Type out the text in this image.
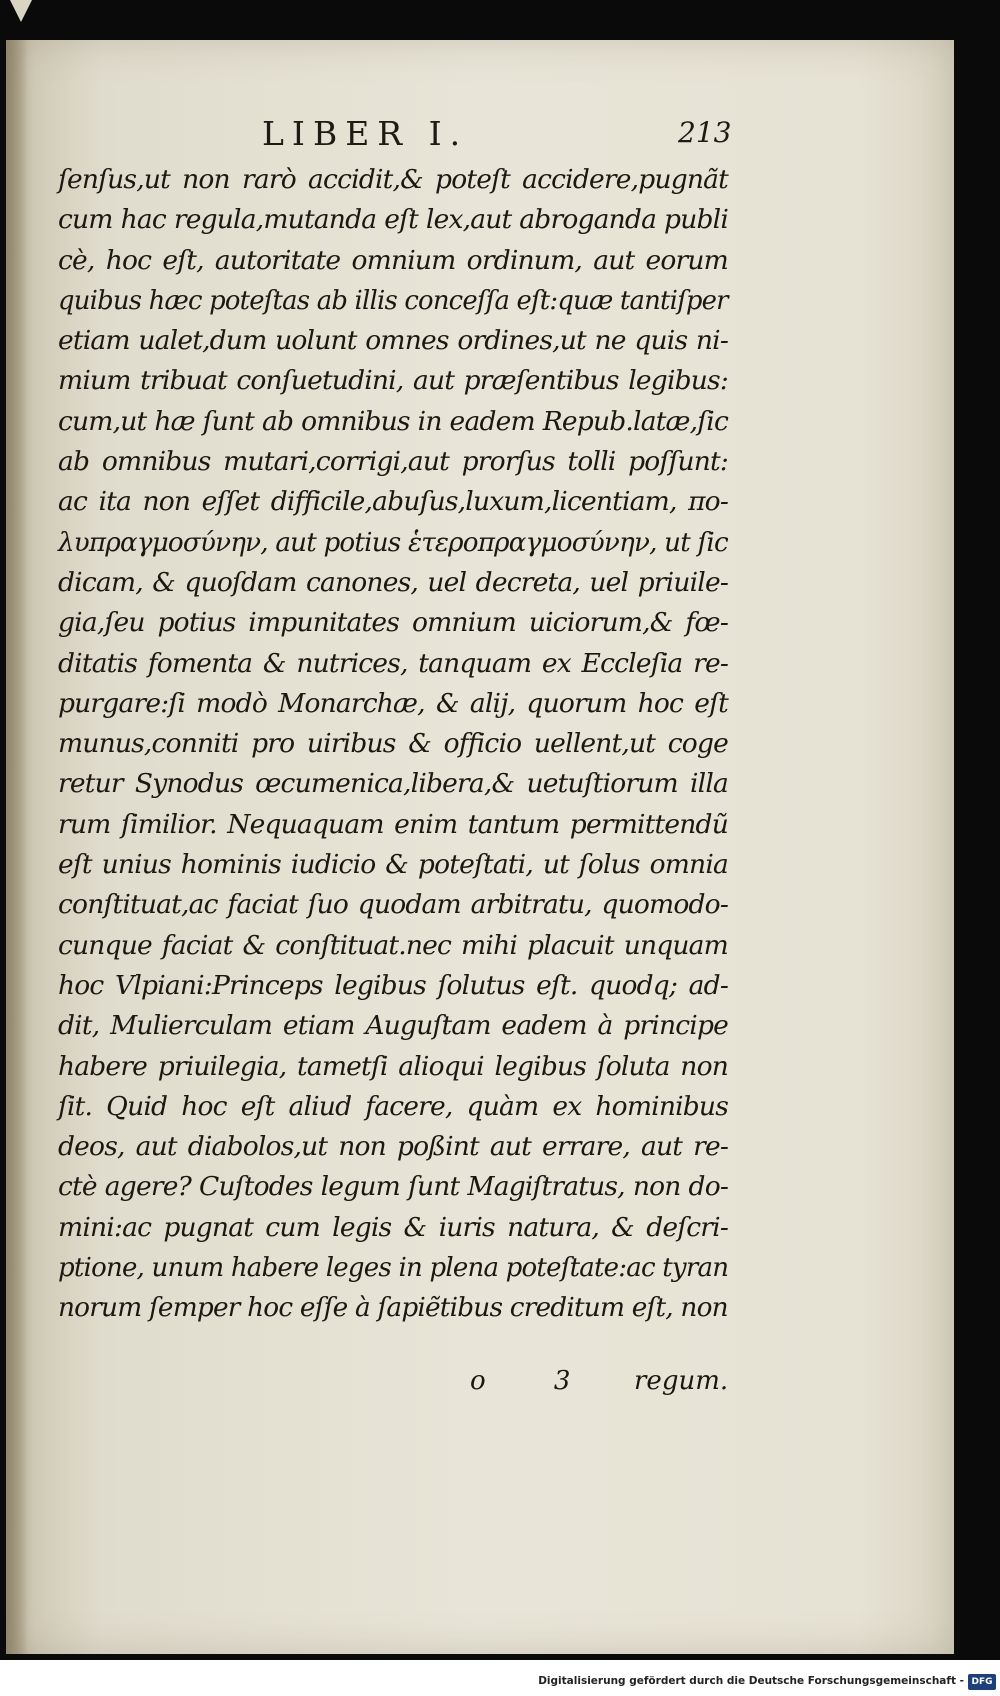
LIBER I.	213
ſenſus,ut non rarò accidit,& poteſt accidere,pugnãt
cum hac regula,mutanda eſt lex,aut abroganda publi
cè, hoc eſt, autoritate omnium ordinum, aut eorum
quibus hæc poteſtas ab illis conceſſa eſt:quæ tantiſper
etiam ualet,dum uolunt omnes ordines,ut ne quis ni-
mium tribuat conſuetudini, aut præſentibus legibus:
cum,ut hæ ſunt ab omnibus in eadem Repub.latæ,ſic
ab omnibus mutari,corrigi,aut prorſus tolli poſſunt:
ac ita non eſſet difficile,abuſus,luxum,licentiam, πο-
λυπραγμοσύνην, aut potius ἑτεροπραγμοσύνην, ut ſic
dicam, & quoſdam canones, uel decreta, uel priuile-
gia,ſeu potius impunitates omnium uiciorum,& fœ-
ditatis fomenta & nutrices, tanquam ex Eccleſia re-
purgare:ſi modò Monarchæ, & alij, quorum hoc eſt
munus,conniti pro uiribus & officio uellent,ut coge
retur Synodus œcumenica,libera,& uetuſtiorum illa
rum ſimilior. Nequaquam enim tantum permittendũ
eſt unius hominis iudicio & poteſtati, ut ſolus omnia
conſtituat,ac faciat ſuo quodam arbitratu, quomodo-
cunque faciat & conſtituat.nec mihi placuit unquam
hoc Vlpiani:Princeps legibus ſolutus eſt. quodq; ad-
dit, Mulierculam etiam Auguſtam eadem à principe
habere priuilegia, tametſi alioqui legibus ſoluta non
ſit. Quid hoc eſt aliud facere, quàm ex hominibus
deos, aut diabolos,ut non poßint aut errare, aut re-
ctè agere? Cuſtodes legum ſunt Magiſtratus, non do-
mini:ac pugnat cum legis & iuris natura, & deſcri-
ptione, unum habere leges in plena poteſtate:ac tyran
norum ſemper hoc eſſe à ſapiẽtibus creditum eſt, non
o 3 regum.
Digitalisierung gefördert durch die Deutsche Forschungsgemeinschaft - DFG
